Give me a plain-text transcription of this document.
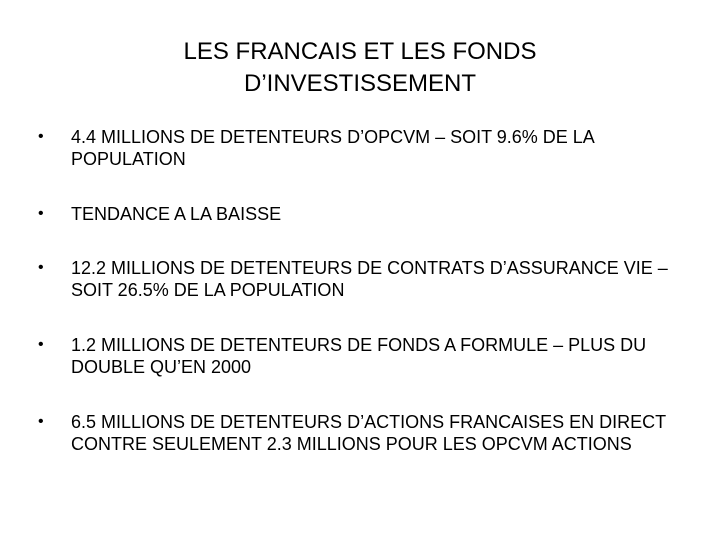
LES FRANCAIS ET LES FONDS
D’INVESTISSEMENT
• 4.4 MILLIONS DE DETENTEURS D’OPCVM – SOIT 9.6% DE LA POPULATION
• TENDANCE A LA BAISSE
• 12.2 MILLIONS DE DETENTEURS DE CONTRATS D’ASSURANCE VIE – SOIT 26.5% DE LA POPULATION
• 1.2 MILLIONS DE DETENTEURS DE FONDS A FORMULE – PLUS DU DOUBLE QU’EN 2000
• 6.5 MILLIONS DE DETENTEURS D’ACTIONS FRANCAISES EN DIRECT CONTRE SEULEMENT 2.3 MILLIONS POUR LES OPCVM ACTIONS
